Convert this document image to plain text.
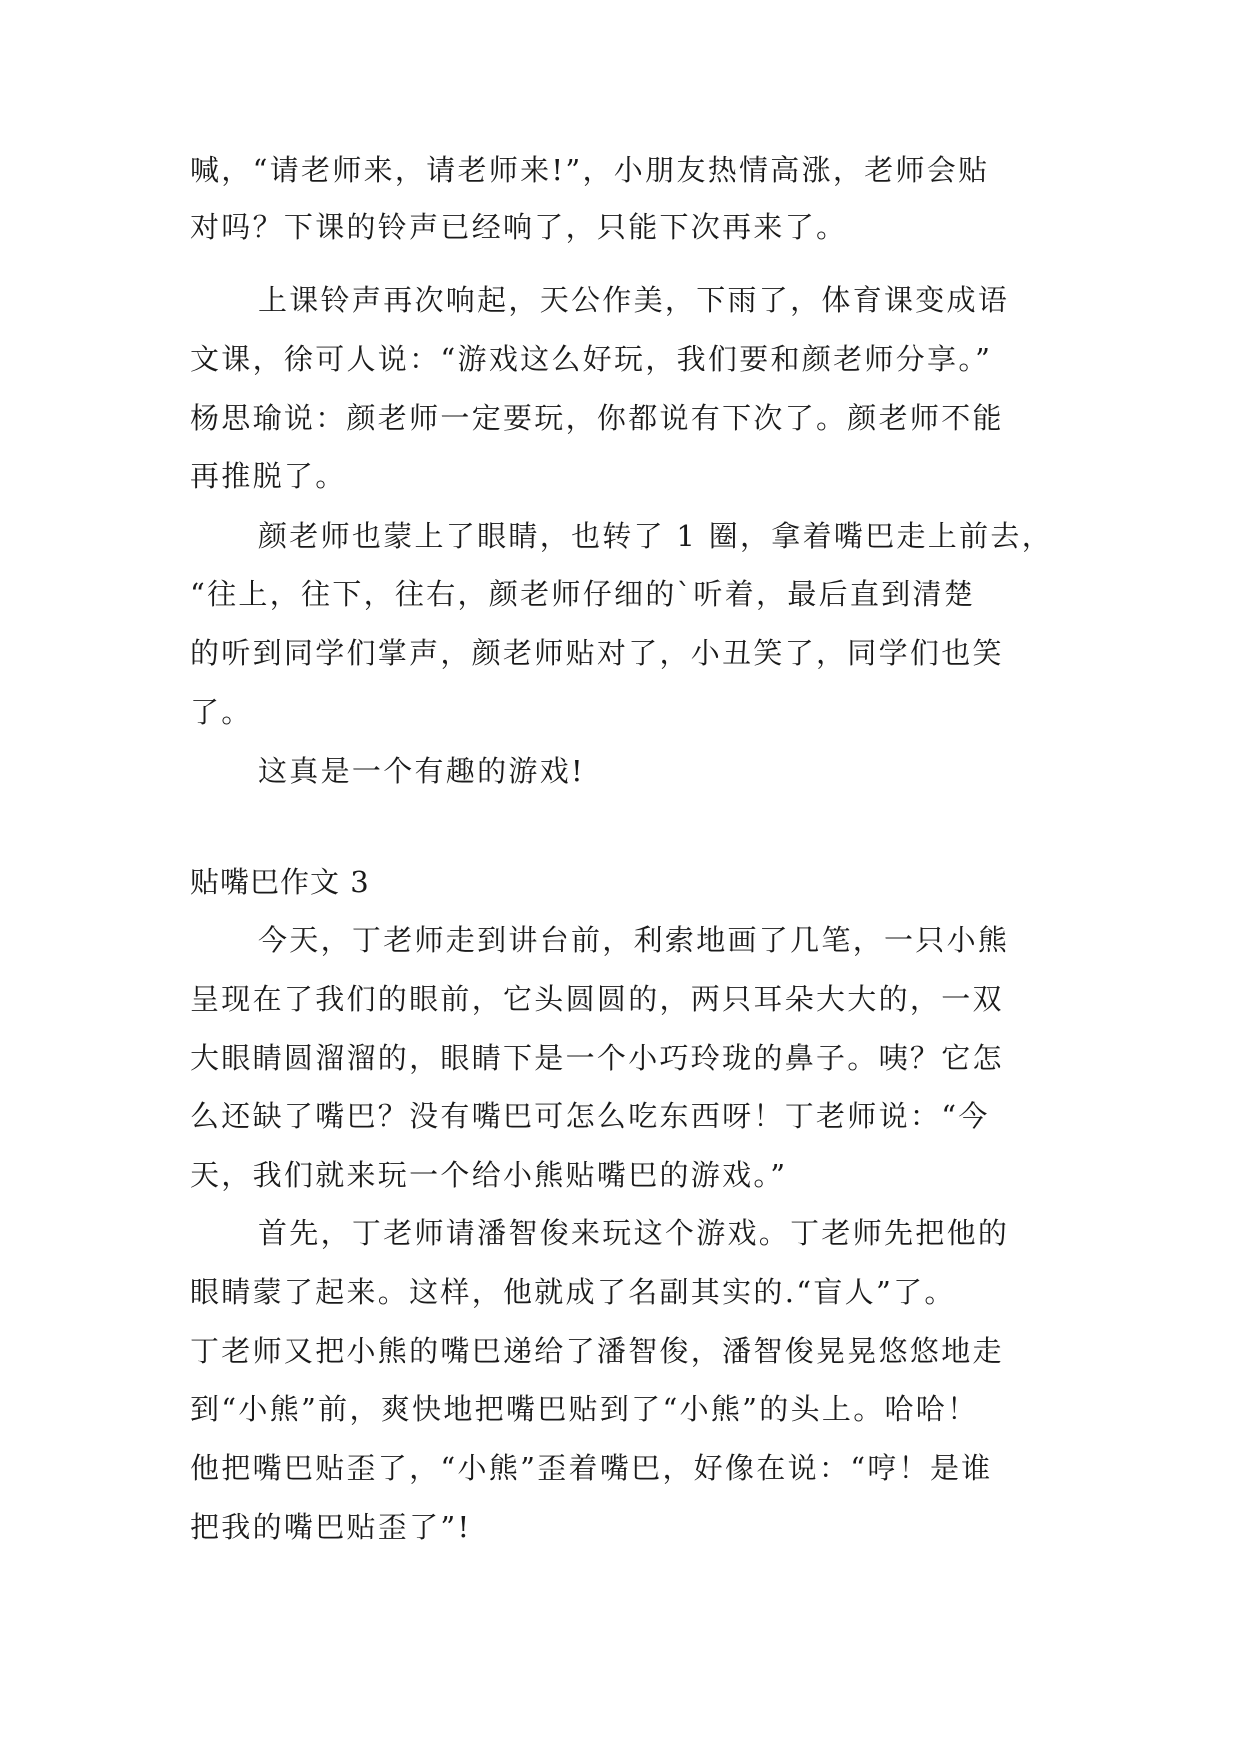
喊，“请老师来，请老师来!”，小朋友热情高涨，老师会贴
对吗？下课的铃声已经响了，只能下次再来了。
上课铃声再次响起，天公作美，下雨了，体育课变成语
文课，徐可人说：“游戏这么好玩，我们要和颜老师分享。”
杨思瑜说：颜老师一定要玩，你都说有下次了。颜老师不能
再推脱了。
颜老师也蒙上了眼睛，也转了 1 圈，拿着嘴巴走上前去，
“往上，往下，往右，颜老师仔细的`听着，最后直到清楚
的听到同学们掌声，颜老师贴对了，小丑笑了，同学们也笑
了。
这真是一个有趣的游戏!
贴嘴巴作文 3
今天，丁老师走到讲台前，利索地画了几笔，一只小熊
呈现在了我们的眼前，它头圆圆的，两只耳朵大大的，一双
大眼睛圆溜溜的，眼睛下是一个小巧玲珑的鼻子。咦？它怎
么还缺了嘴巴？没有嘴巴可怎么吃东西呀！丁老师说：“今
天，我们就来玩一个给小熊贴嘴巴的游戏。”
首先，丁老师请潘智俊来玩这个游戏。丁老师先把他的
眼睛蒙了起来。这样，他就成了名副其实的.“盲人”了。
丁老师又把小熊的嘴巴递给了潘智俊，潘智俊晃晃悠悠地走
到“小熊”前，爽快地把嘴巴贴到了“小熊”的头上。哈哈！
他把嘴巴贴歪了，“小熊”歪着嘴巴，好像在说：“哼！是谁
把我的嘴巴贴歪了”!
